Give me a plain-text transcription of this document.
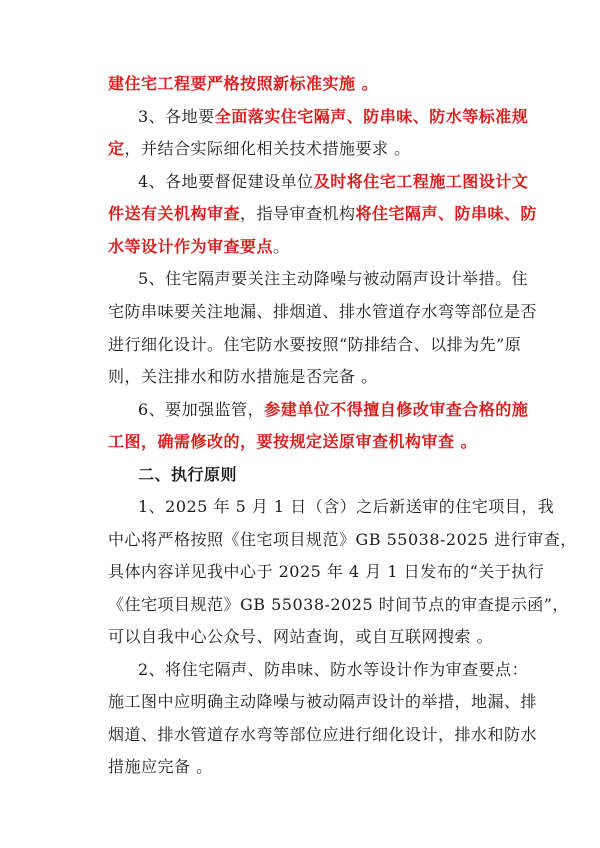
建住宅工程要严格按照新标准实施 。
3、各地要全面落实住宅隔声、防串味、防水等标准规
定，并结合实际细化相关技术措施要求 。
4、各地要督促建设单位及时将住宅工程施工图设计文
件送有关机构审查，指导审查机构将住宅隔声、防串味、防
水等设计作为审查要点。
5、住宅隔声要关注主动降噪与被动隔声设计举措。住
宅防串味要关注地漏、排烟道、排水管道存水弯等部位是否
进行细化设计。住宅防水要按照“防排结合、以排为先”原
则，关注排水和防水措施是否完备 。
6、要加强监管，参建单位不得擅自修改审查合格的施
工图，确需修改的，要按规定送原审查机构审查 。
二、执行原则
1、2025 年 5 月 1 日（含）之后新送审的住宅项目，我
中心将严格按照《住宅项目规范》GB 55038-2025 进行审查，
具体内容详见我中心于 2025 年 4 月 1 日发布的“关于执行
《住宅项目规范》GB 55038-2025 时间节点的审查提示函”，
可以自我中心公众号、网站查询，或自互联网搜索 。
2、将住宅隔声、防串味、防水等设计作为审查要点：
施工图中应明确主动降噪与被动隔声设计的举措，地漏、排
烟道、排水管道存水弯等部位应进行细化设计，排水和防水
措施应完备 。
